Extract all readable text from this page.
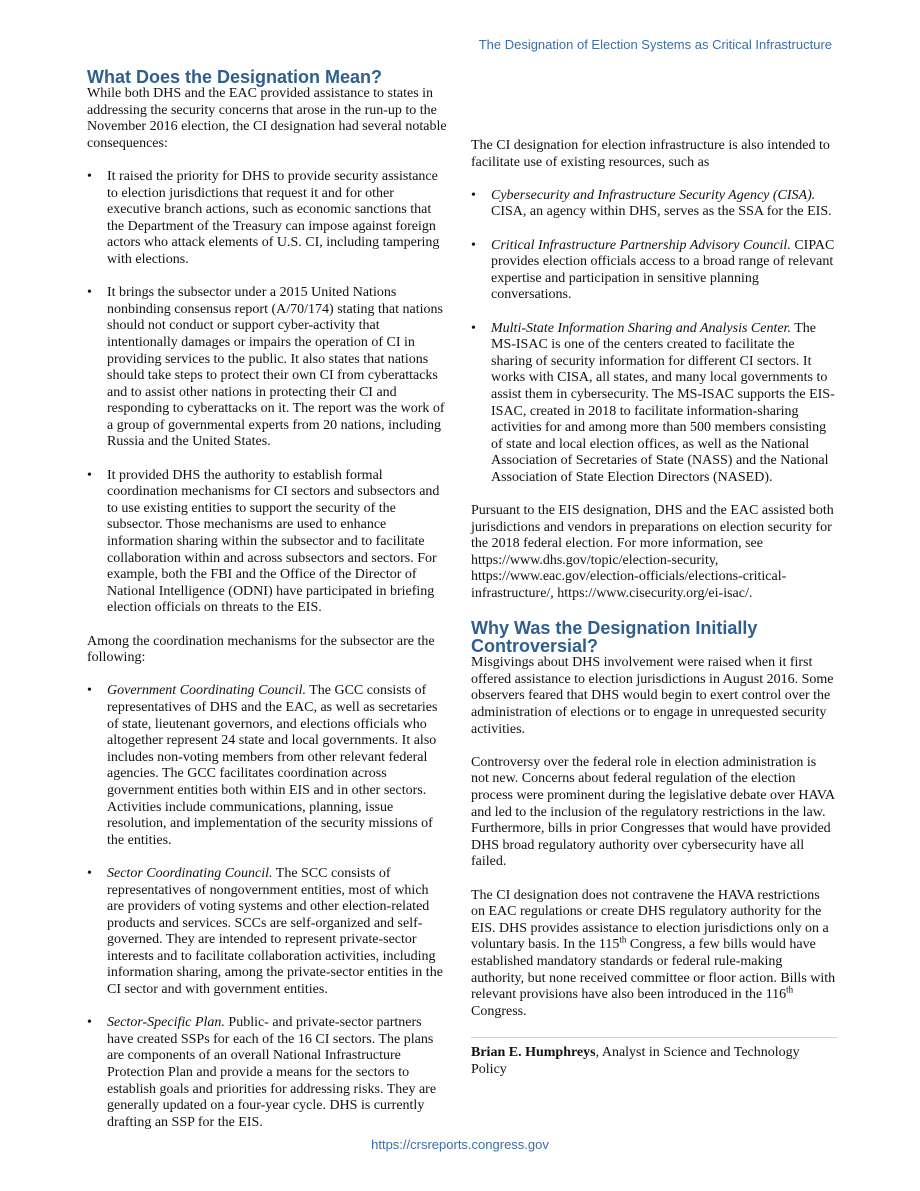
The Designation of Election Systems as Critical Infrastructure
What Does the Designation Mean?

While both DHS and the EAC provided assistance to states in addressing the security concerns that arose in the run-up to the November 2016 election, the CI designation had several notable consequences:

• It raised the priority for DHS to provide security assistance to election jurisdictions that request it and for other executive branch actions, such as economic sanctions that the Department of the Treasury can impose against foreign actors who attack elements of U.S. CI, including tampering with elections.
• It brings the subsector under a 2015 United Nations nonbinding consensus report (A/70/174) stating that nations should not conduct or support cyber-activity that intentionally damages or impairs the operation of CI in providing services to the public. It also states that nations should take steps to protect their own CI from cyberattacks and to assist other nations in protecting their CI and responding to cyberattacks on it. The report was the work of a group of governmental experts from 20 nations, including Russia and the United States.
• It provided DHS the authority to establish formal coordination mechanisms for CI sectors and subsectors and to use existing entities to support the security of the subsector. Those mechanisms are used to enhance information sharing within the subsector and to facilitate collaboration within and across subsectors and sectors. For example, both the FBI and the Office of the Director of National Intelligence (ODNI) have participated in briefing election officials on threats to the EIS.

Among the coordination mechanisms for the subsector are the following:

• Government Coordinating Council. The GCC consists of representatives of DHS and the EAC, as well as secretaries of state, lieutenant governors, and elections officials who altogether represent 24 state and local governments. It also includes non-voting members from other relevant federal agencies. The GCC facilitates coordination across government entities both within EIS and in other sectors. Activities include communications, planning, issue resolution, and implementation of the security missions of the entities.
• Sector Coordinating Council. The SCC consists of representatives of nongovernment entities, most of which are providers of voting systems and other election-related products and services. SCCs are self-organized and self-governed. They are intended to represent private-sector interests and to facilitate collaboration activities, including information sharing, among the private-sector entities in the CI sector and with government entities.
• Sector-Specific Plan. Public- and private-sector partners have created SSPs for each of the 16 CI sectors. The plans are components of an overall National Infrastructure Protection Plan and provide a means for the sectors to establish goals and priorities for addressing risks. They are generally updated on a four-year cycle. DHS is currently drafting an SSP for the EIS.

The CI designation for election infrastructure is also intended to facilitate use of existing resources, such as

• Cybersecurity and Infrastructure Security Agency (CISA). CISA, an agency within DHS, serves as the SSA for the EIS.
• Critical Infrastructure Partnership Advisory Council. CIPAC provides election officials access to a broad range of relevant expertise and participation in sensitive planning conversations.
• Multi-State Information Sharing and Analysis Center. The MS-ISAC is one of the centers created to facilitate the sharing of security information for different CI sectors. It works with CISA, all states, and many local governments to assist them in cybersecurity. The MS-ISAC supports the EIS-ISAC, created in 2018 to facilitate information-sharing activities for and among more than 500 members consisting of state and local election offices, as well as the National Association of Secretaries of State (NASS) and the National Association of State Election Directors (NASED).

Pursuant to the EIS designation, DHS and the EAC assisted both jurisdictions and vendors in preparations on election security for the 2018 federal election. For more information, see https://www.dhs.gov/topic/election-security, https://www.eac.gov/election-officials/elections-critical-infrastructure/, https://www.cisecurity.org/ei-isac/.

Why Was the Designation Initially Controversial?

Misgivings about DHS involvement were raised when it first offered assistance to election jurisdictions in August 2016. Some observers feared that DHS would begin to exert control over the administration of elections or to engage in unrequested security activities.

Controversy over the federal role in election administration is not new. Concerns about federal regulation of the election process were prominent during the legislative debate over HAVA and led to the inclusion of the regulatory restrictions in the law. Furthermore, bills in prior Congresses that would have provided DHS broad regulatory authority over cybersecurity have all failed.

The CI designation does not contravene the HAVA restrictions on EAC regulations or create DHS regulatory authority for the EIS. DHS provides assistance to election jurisdictions only on a voluntary basis. In the 115th Congress, a few bills would have established mandatory standards or federal rule-making authority, but none received committee or floor action. Bills with relevant provisions have also been introduced in the 116th Congress.

Brian E. Humphreys, Analyst in Science and Technology Policy
https://crsreports.congress.gov
